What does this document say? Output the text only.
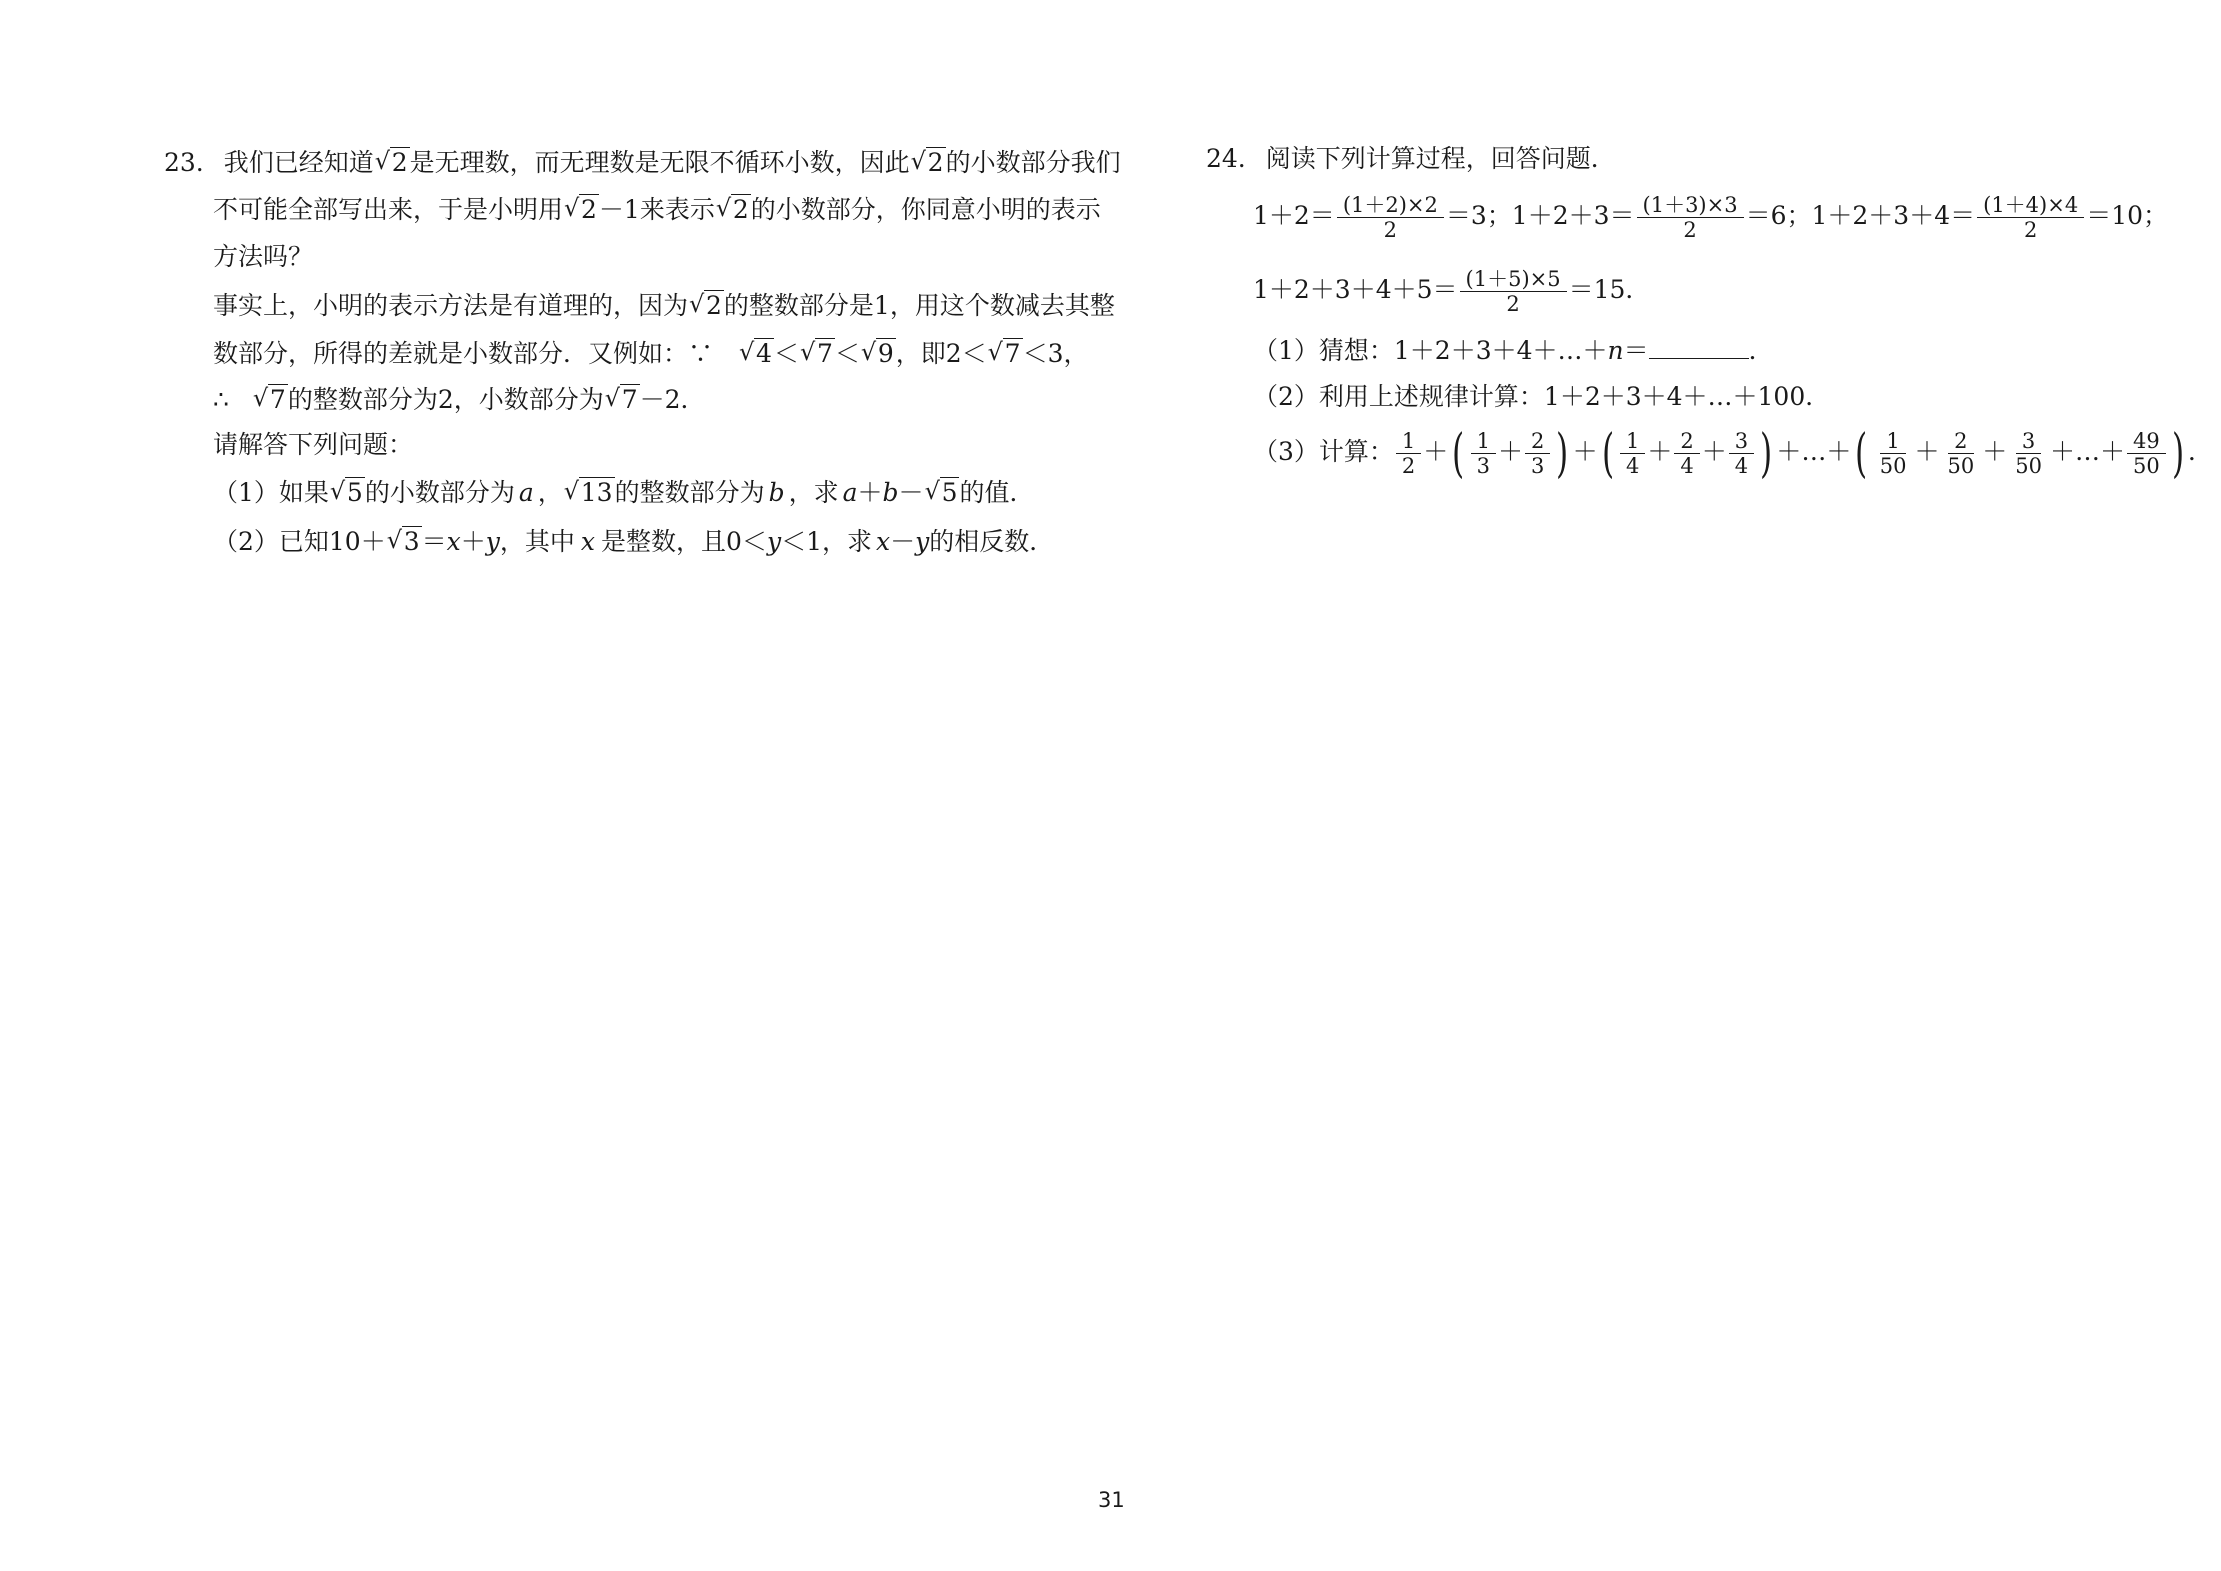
23. 我们已经知道 √ 2是无理数，而无理数是无限不循环小数，因此 √ 2的小数部分我们
不可能全部写出来，于是小明用 √ 2－1来表示 √ 2的小数部分，你同意小明的表示
方法吗？
事实上，小明的表示方法是有道理的，因为 √ 2的整数部分是1，用这个数减去其整
数部分，所得的差就是小数部分．又例如：∵ √ 4＜ √ 7＜ √ 9，即2＜ √ 7＜3，
∴ √ 7的整数部分为2，小数部分为 √ 7－2．
请解答下列问题：
（1）如果 √ 5的小数部分为 a ， √ 13的整数部分为 b ，求 a＋b－ √ 5的值．
（2）已知10＋ √ 3＝x＋y，其中 x 是整数，且0＜y＜1，求 x－y的相反数．
24. 阅读下列计算过程，回答问题．
$1+2= \frac{(1+2)\times 2}{2} =3$；$1+2+3= \frac{(1+3)\times 3}{2} =6$；$1+2+3+4= \frac{(1+4)\times 4}{2} =10$；
$1+2+3+4+5= \frac{(1+5)\times 5}{2} =15$．
（1）猜想：1＋2＋3＋4＋…＋n＝	．
（2）利用上述规律计算：1＋2＋3＋4＋…＋100．
（3）计算： $\frac{1}{2}$ ＋( $\frac{1}{3} + \frac{2}{3}$ ) ＋( $\frac{1}{4} + \frac{2}{4} + \frac{3}{4}$ ) ＋…＋( $\frac{1}{50} + \frac{2}{50} + \frac{3}{50}$ ＋…＋ $\frac{49}{50}$ ) ．
31
